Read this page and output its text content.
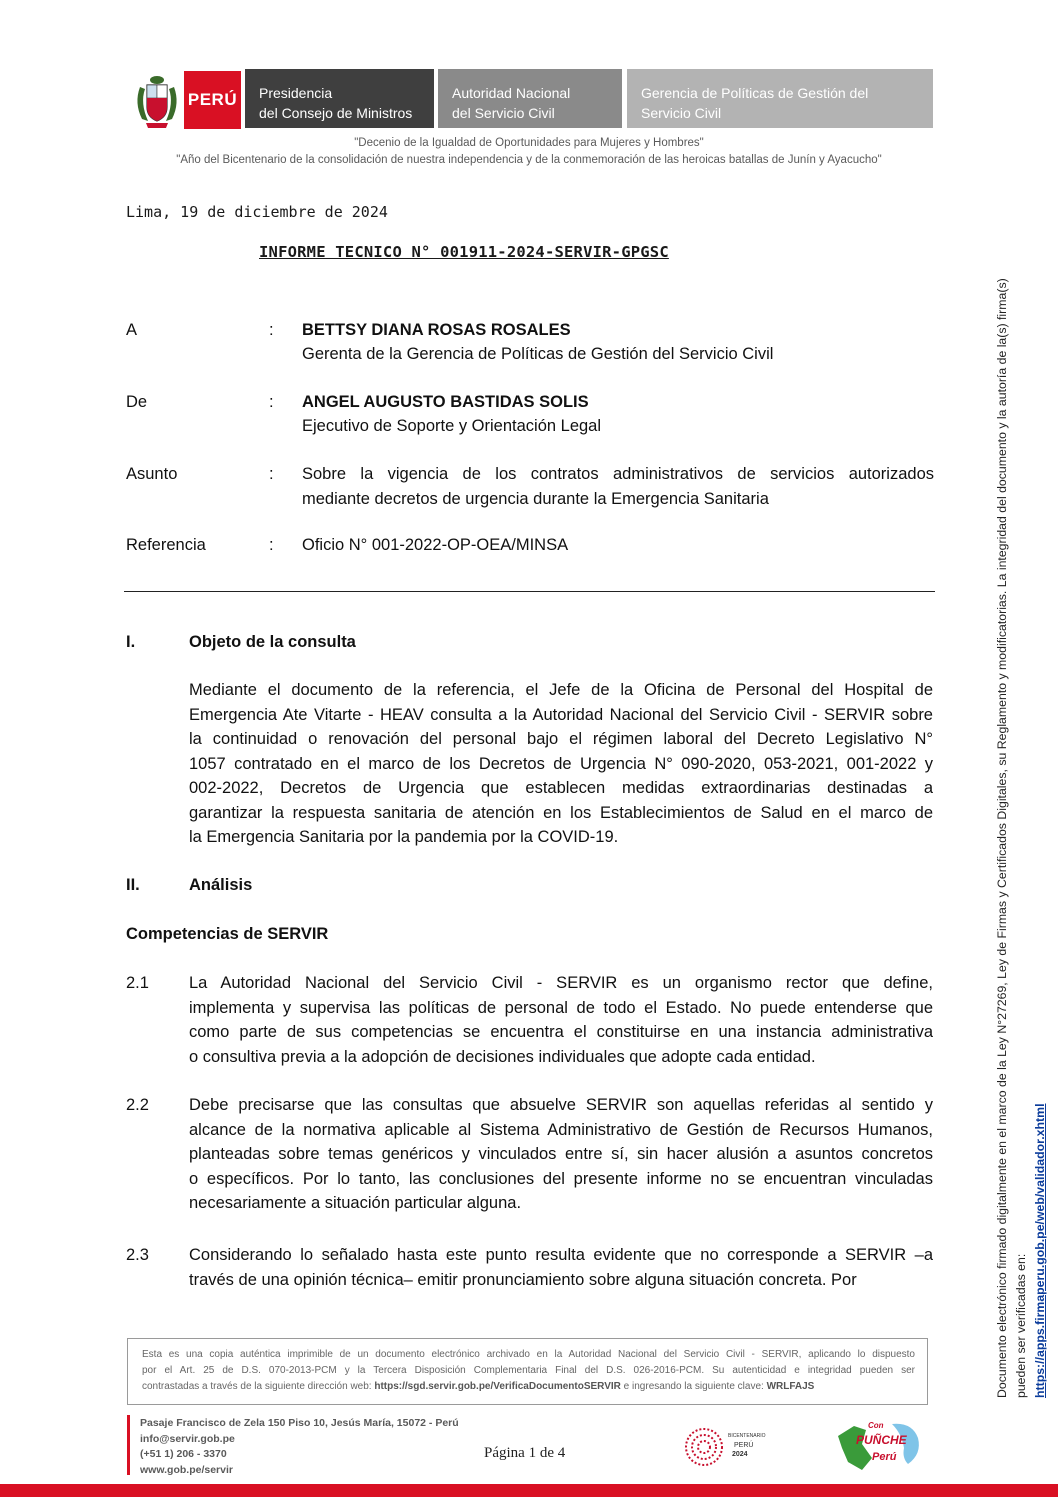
PERÚ Presidencia
del Consejo de Ministros
Autoridad Nacional
del Servicio Civil
Gerencia de Políticas de Gestión del
Servicio Civil
"Decenio de la Igualdad de Oportunidades para Mujeres y Hombres"
"Año del Bicentenario de la consolidación de nuestra independencia y de la conmemoración de las heroicas batallas de Junín y Ayacucho"
Lima, 19 de diciembre de 2024
INFORME TECNICO N° 001911-2024-SERVIR-GPGSC
A	: BETTSY DIANA ROSAS ROSALES
Gerenta de la Gerencia de Políticas de Gestión del Servicio Civil
De	: ANGEL AUGUSTO BASTIDAS SOLIS
Ejecutivo de Soporte y Orientación Legal
Asunto	: Sobre la vigencia de los contratos administrativos de servicios autorizados
mediante decretos de urgencia durante la Emergencia Sanitaria
Referencia	: Oficio N° 001-2022-OP-OEA/MINSA
I.	Objeto de la consulta
Mediante el documento de la referencia, el Jefe de la Oficina de Personal del Hospital de
Emergencia Ate Vitarte - HEAV consulta a la Autoridad Nacional del Servicio Civil - SERVIR sobre
la continuidad o renovación del personal bajo el régimen laboral del Decreto Legislativo N°
1057 contratado en el marco de los Decretos de Urgencia N° 090-2020, 053-2021, 001-2022 y
002-2022, Decretos de Urgencia que establecen medidas extraordinarias destinadas a
garantizar la respuesta sanitaria de atención en los Establecimientos de Salud en el marco de
la Emergencia Sanitaria por la pandemia por la COVID-19.
II.	Análisis
Competencias de SERVIR
2.1 La Autoridad Nacional del Servicio Civil - SERVIR es un organismo rector que define,
implementa y supervisa las políticas de personal de todo el Estado. No puede entenderse que
como parte de sus competencias se encuentra el constituirse en una instancia administrativa
o consultiva previa a la adopción de decisiones individuales que adopte cada entidad.
2.2 Debe precisarse que las consultas que absuelve SERVIR son aquellas referidas al sentido y
alcance de la normativa aplicable al Sistema Administrativo de Gestión de Recursos Humanos,
planteadas sobre temas genéricos y vinculados entre sí, sin hacer alusión a asuntos concretos
o específicos. Por lo tanto, las conclusiones del presente informe no se encuentran vinculadas
necesariamente a situación particular alguna.
2.3 Considerando lo señalado hasta este punto resulta evidente que no corresponde a SERVIR –a
través de una opinión técnica– emitir pronunciamiento sobre alguna situación concreta. Por
Esta es una copia auténtica imprimible de un documento electrónico archivado en la Autoridad Nacional del Servicio Civil - SERVIR, aplicando lo dispuesto
por el Art. 25 de D.S. 070-2013-PCM y la Tercera Disposición Complementaria Final del D.S. 026-2016-PCM. Su autenticidad e integridad pueden ser
contrastadas a través de la siguiente dirección web: https://sgd.servir.gob.pe/VerificaDocumentoSERVIR e ingresando la siguiente clave: WRLFAJS
Pasaje Francisco de Zela 150 Piso 10, Jesús María, 15072 - Perú
info@servir.gob.pe
(+51 1) 206 - 3370
www.gob.pe/servir
Página 1 de 4
BICENTENARIO
PERÚ
2024
Con
PUÑCHE
Perú
Documento electrónico firmado digitalmente en el marco de la Ley N°27269, Ley de Firmas y Certificados Digitales, su Reglamento y modificatorias. La integridad del documento y la autoría de la(s) firma(s) pueden ser verificadas en: https://apps.firmaperu.gob.pe/web/validador.xhtml
